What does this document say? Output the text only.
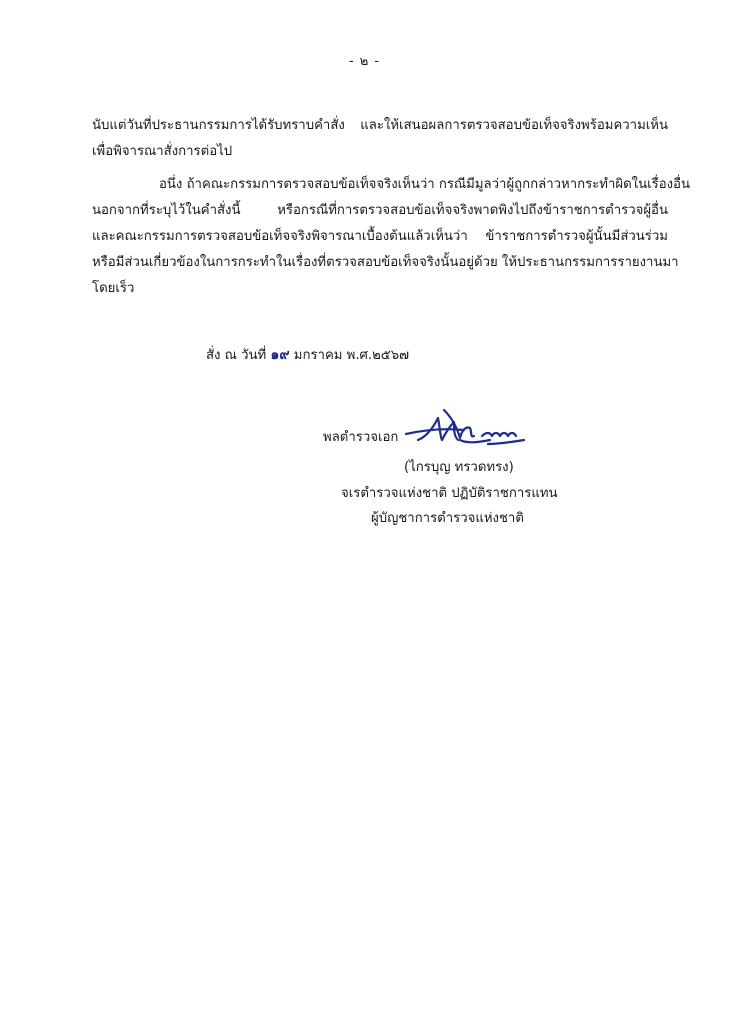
- ๒ -
นับแต่วันที่ประธานกรรมการได้รับทราบคำสั่ง และให้เสนอผลการตรวจสอบข้อเท็จจริงพร้อมความเห็น
เพื่อพิจารณาสั่งการต่อไป
อนึ่ง ถ้าคณะกรรมการตรวจสอบข้อเท็จจริงเห็นว่า กรณีมีมูลว่าผู้ถูกกล่าวหากระทำผิดในเรื่องอื่น
นอกจากที่ระบุไว้ในคำสั่งนี้ หรือกรณีที่การตรวจสอบข้อเท็จจริงพาดพิงไปถึงข้าราชการตำรวจผู้อื่น
และคณะกรรมการตรวจสอบข้อเท็จจริงพิจารณาเบื้องต้นแล้วเห็นว่า ข้าราชการตำรวจผู้นั้นมีส่วนร่วม
หรือมีส่วนเกี่ยวข้องในการกระทำในเรื่องที่ตรวจสอบข้อเท็จจริงนั้นอยู่ด้วย ให้ประธานกรรมการรายงานมา
โดยเร็ว
สั่ง ณ วันที่ ๑๙ มกราคม พ.ศ.๒๕๖๗
พลตำรวจเอก
(ไกรบุญ ทรวดทรง)
จเรตำรวจแห่งชาติ ปฏิบัติราชการแทน
ผู้บัญชาการตำรวจแห่งชาติ
